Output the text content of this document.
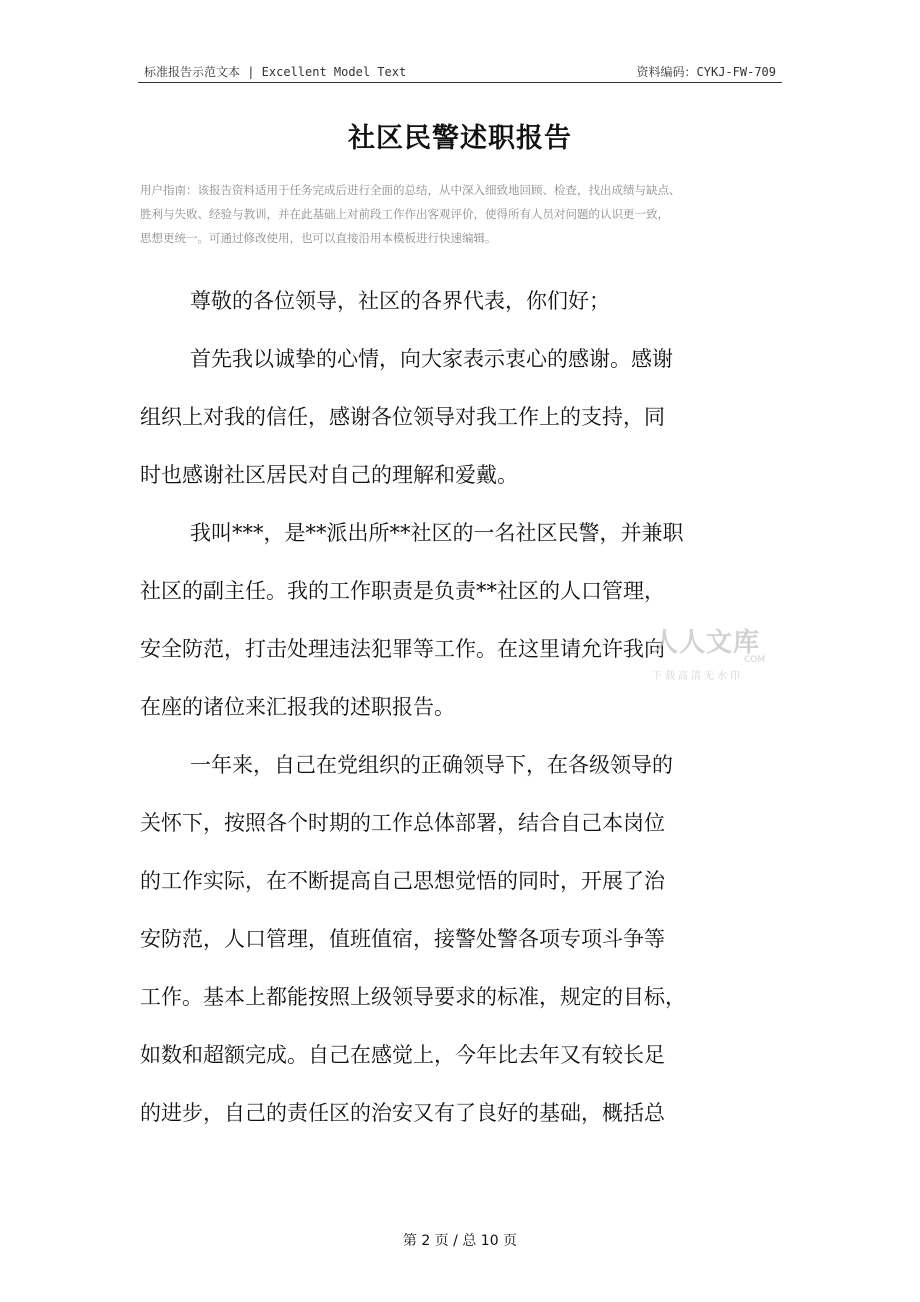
标准报告示范文本 | Excellent Model Text	资料编码：CYKJ-FW-709
社区民警述职报告
用户指南：该报告资料适用于任务完成后进行全面的总结，从中深入细致地回顾、检查，找出成绩与缺点、
胜利与失败、经验与教训，并在此基础上对前段工作作出客观评价，使得所有人员对问题的认识更一致，
思想更统一。可通过修改使用，也可以直接沿用本模板进行快速编辑。
尊敬的各位领导，社区的各界代表，你们好；
首先我以诚挚的心情，向大家表示衷心的感谢。感谢
组织上对我的信任，感谢各位领导对我工作上的支持，同
时也感谢社区居民对自己的理解和爱戴。
我叫***，是**派出所**社区的一名社区民警，并兼职
社区的副主任。我的工作职责是负责**社区的人口管理，
安全防范，打击处理违法犯罪等工作。在这里请允许我向
在座的诸位来汇报我的述职报告。
一年来，自己在党组织的正确领导下，在各级领导的
关怀下，按照各个时期的工作总体部署，结合自己本岗位
的工作实际，在不断提高自己思想觉悟的同时，开展了治
安防范，人口管理，值班值宿，接警处警各项专项斗争等
工作。基本上都能按照上级领导要求的标准，规定的目标，
如数和超额完成。自己在感觉上，今年比去年又有较长足
的进步，自己的责任区的治安又有了良好的基础，概括总
人人文库
COM
下载高清无水印
第 2 页 / 总 10 页
